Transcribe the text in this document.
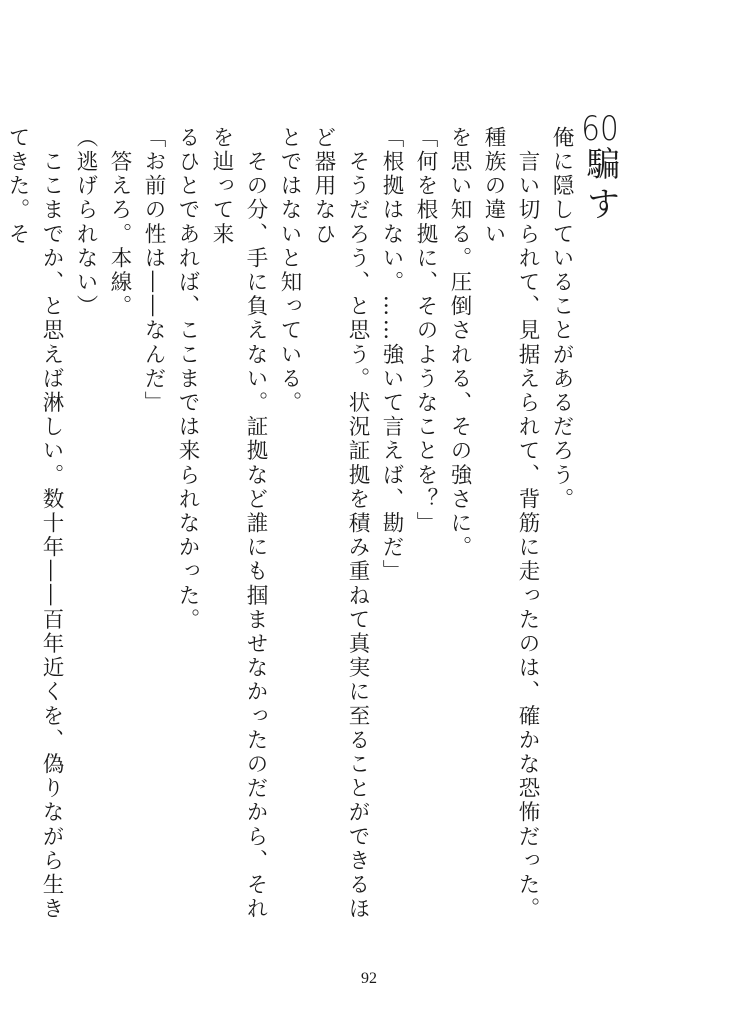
60騙す

俺に隠していることがあるだろう。

　言い切られて、見据えられて、背筋に走ったのは、確かな恐怖だった。種族の違い

を思い知る。圧倒される、その強さに。

「何を根拠に、そのようなことを？」

「根拠はない。……強いて言えば、勘だ」

　そうだろう、と思う。状況証拠を積み重ねて真実に至ることができるほど器用なひ

とではないと知っている。

　その分、手に負えない。証拠など誰にも掴ませなかったのだから、それを辿って来

るひとであれば、ここまでは来られなかった。

「お前の性は――なんだ」

　答えろ。本線。

（逃げられない）

　ここまでか、と思えば淋しい。数十年――百年近くを、偽りながら生きてきた。そ

92
